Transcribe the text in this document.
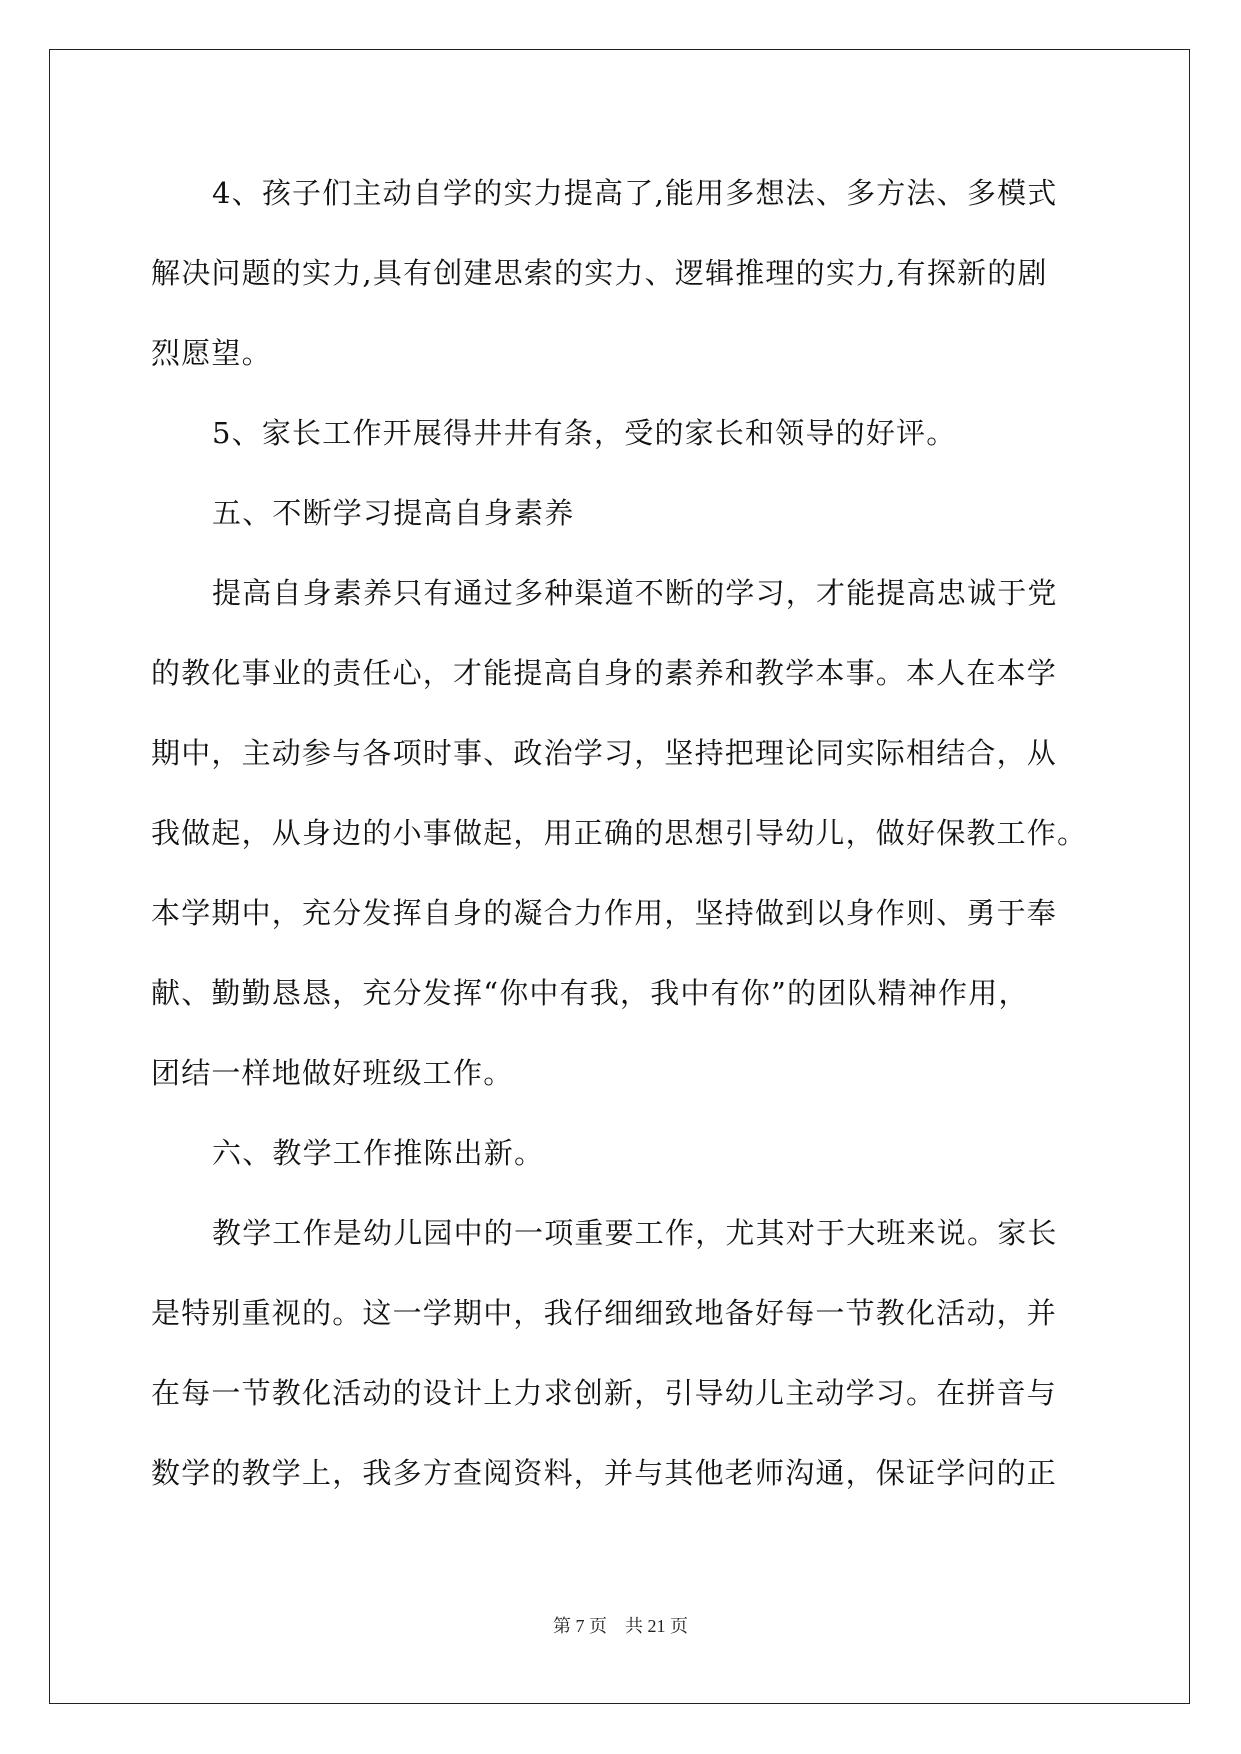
4、孩子们主动自学的实力提高了,能用多想法、多方法、多模式
解决问题的实力,具有创建思索的实力、逻辑推理的实力,有探新的剧
烈愿望。
5、家长工作开展得井井有条，受的家长和领导的好评。
五、不断学习提高自身素养
提高自身素养只有通过多种渠道不断的学习，才能提高忠诚于党
的教化事业的责任心，才能提高自身的素养和教学本事。本人在本学
期中，主动参与各项时事、政治学习，坚持把理论同实际相结合，从
我做起，从身边的小事做起，用正确的思想引导幼儿，做好保教工作。
本学期中，充分发挥自身的凝合力作用，坚持做到以身作则、勇于奉
献、勤勤恳恳，充分发挥“你中有我，我中有你”的团队精神作用，
团结一样地做好班级工作。
六、教学工作推陈出新。
教学工作是幼儿园中的一项重要工作，尤其对于大班来说。家长
是特别重视的。这一学期中，我仔细细致地备好每一节教化活动，并
在每一节教化活动的设计上力求创新，引导幼儿主动学习。在拼音与
数学的教学上，我多方查阅资料，并与其他老师沟通，保证学问的正
第 7 页 共 21 页
